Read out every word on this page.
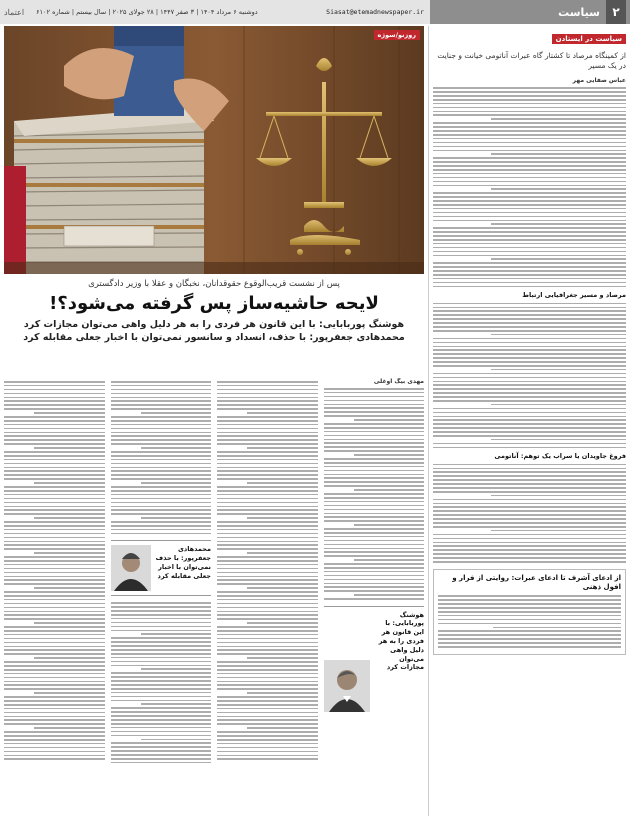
اعتماد	دوشنبه ۶ مرداد ۱۴۰۴ | ۳ صفر ۱۴۴۷ | ۲۸ جولای ۲۰۲۵ | سال بیستم | شماره ۶۱۰۲	Siasat@etemadnewspaper.ir	سیاست	۲
سیاست در ایستادن
از کمینگاه مرصاد تا کشتار گاه عبرات آناتومی خیانت و جنایت در یک مسیر
عباس صفایی مهر
مرصاد و مسیر جغرافیایی ارتباط
فروغ جاویدان یا سراب یک توهم: آناتومی
از ادعای آشرف تا ادعای عبرات: روایتی از فرار و افول ذهنی
روزنو/سوژه
پس از نشست قریب‌الوقوع حقوقدانان، نخبگان و عقلا با وزیر دادگستری
لایحه حاشیه‌ساز پس گرفته می‌شود؟!
هوشنگ پوربابایی: با این قانون هر فردی را به هر دلیل واهی می‌توان مجازات کرد
محمدهادی جعفرپور: با حذف، انسداد و سانسور نمی‌توان با اخبار جعلی مقابله کرد
مهدی بیگ اوغلی
هوشنگ پوربابایی: با این قانون هر فردی را به هر دلیل واهی می‌توان مجازات کرد
محمدهادی جعفرپور: با حذف نمی‌توان با اخبار جعلی مقابله کرد
